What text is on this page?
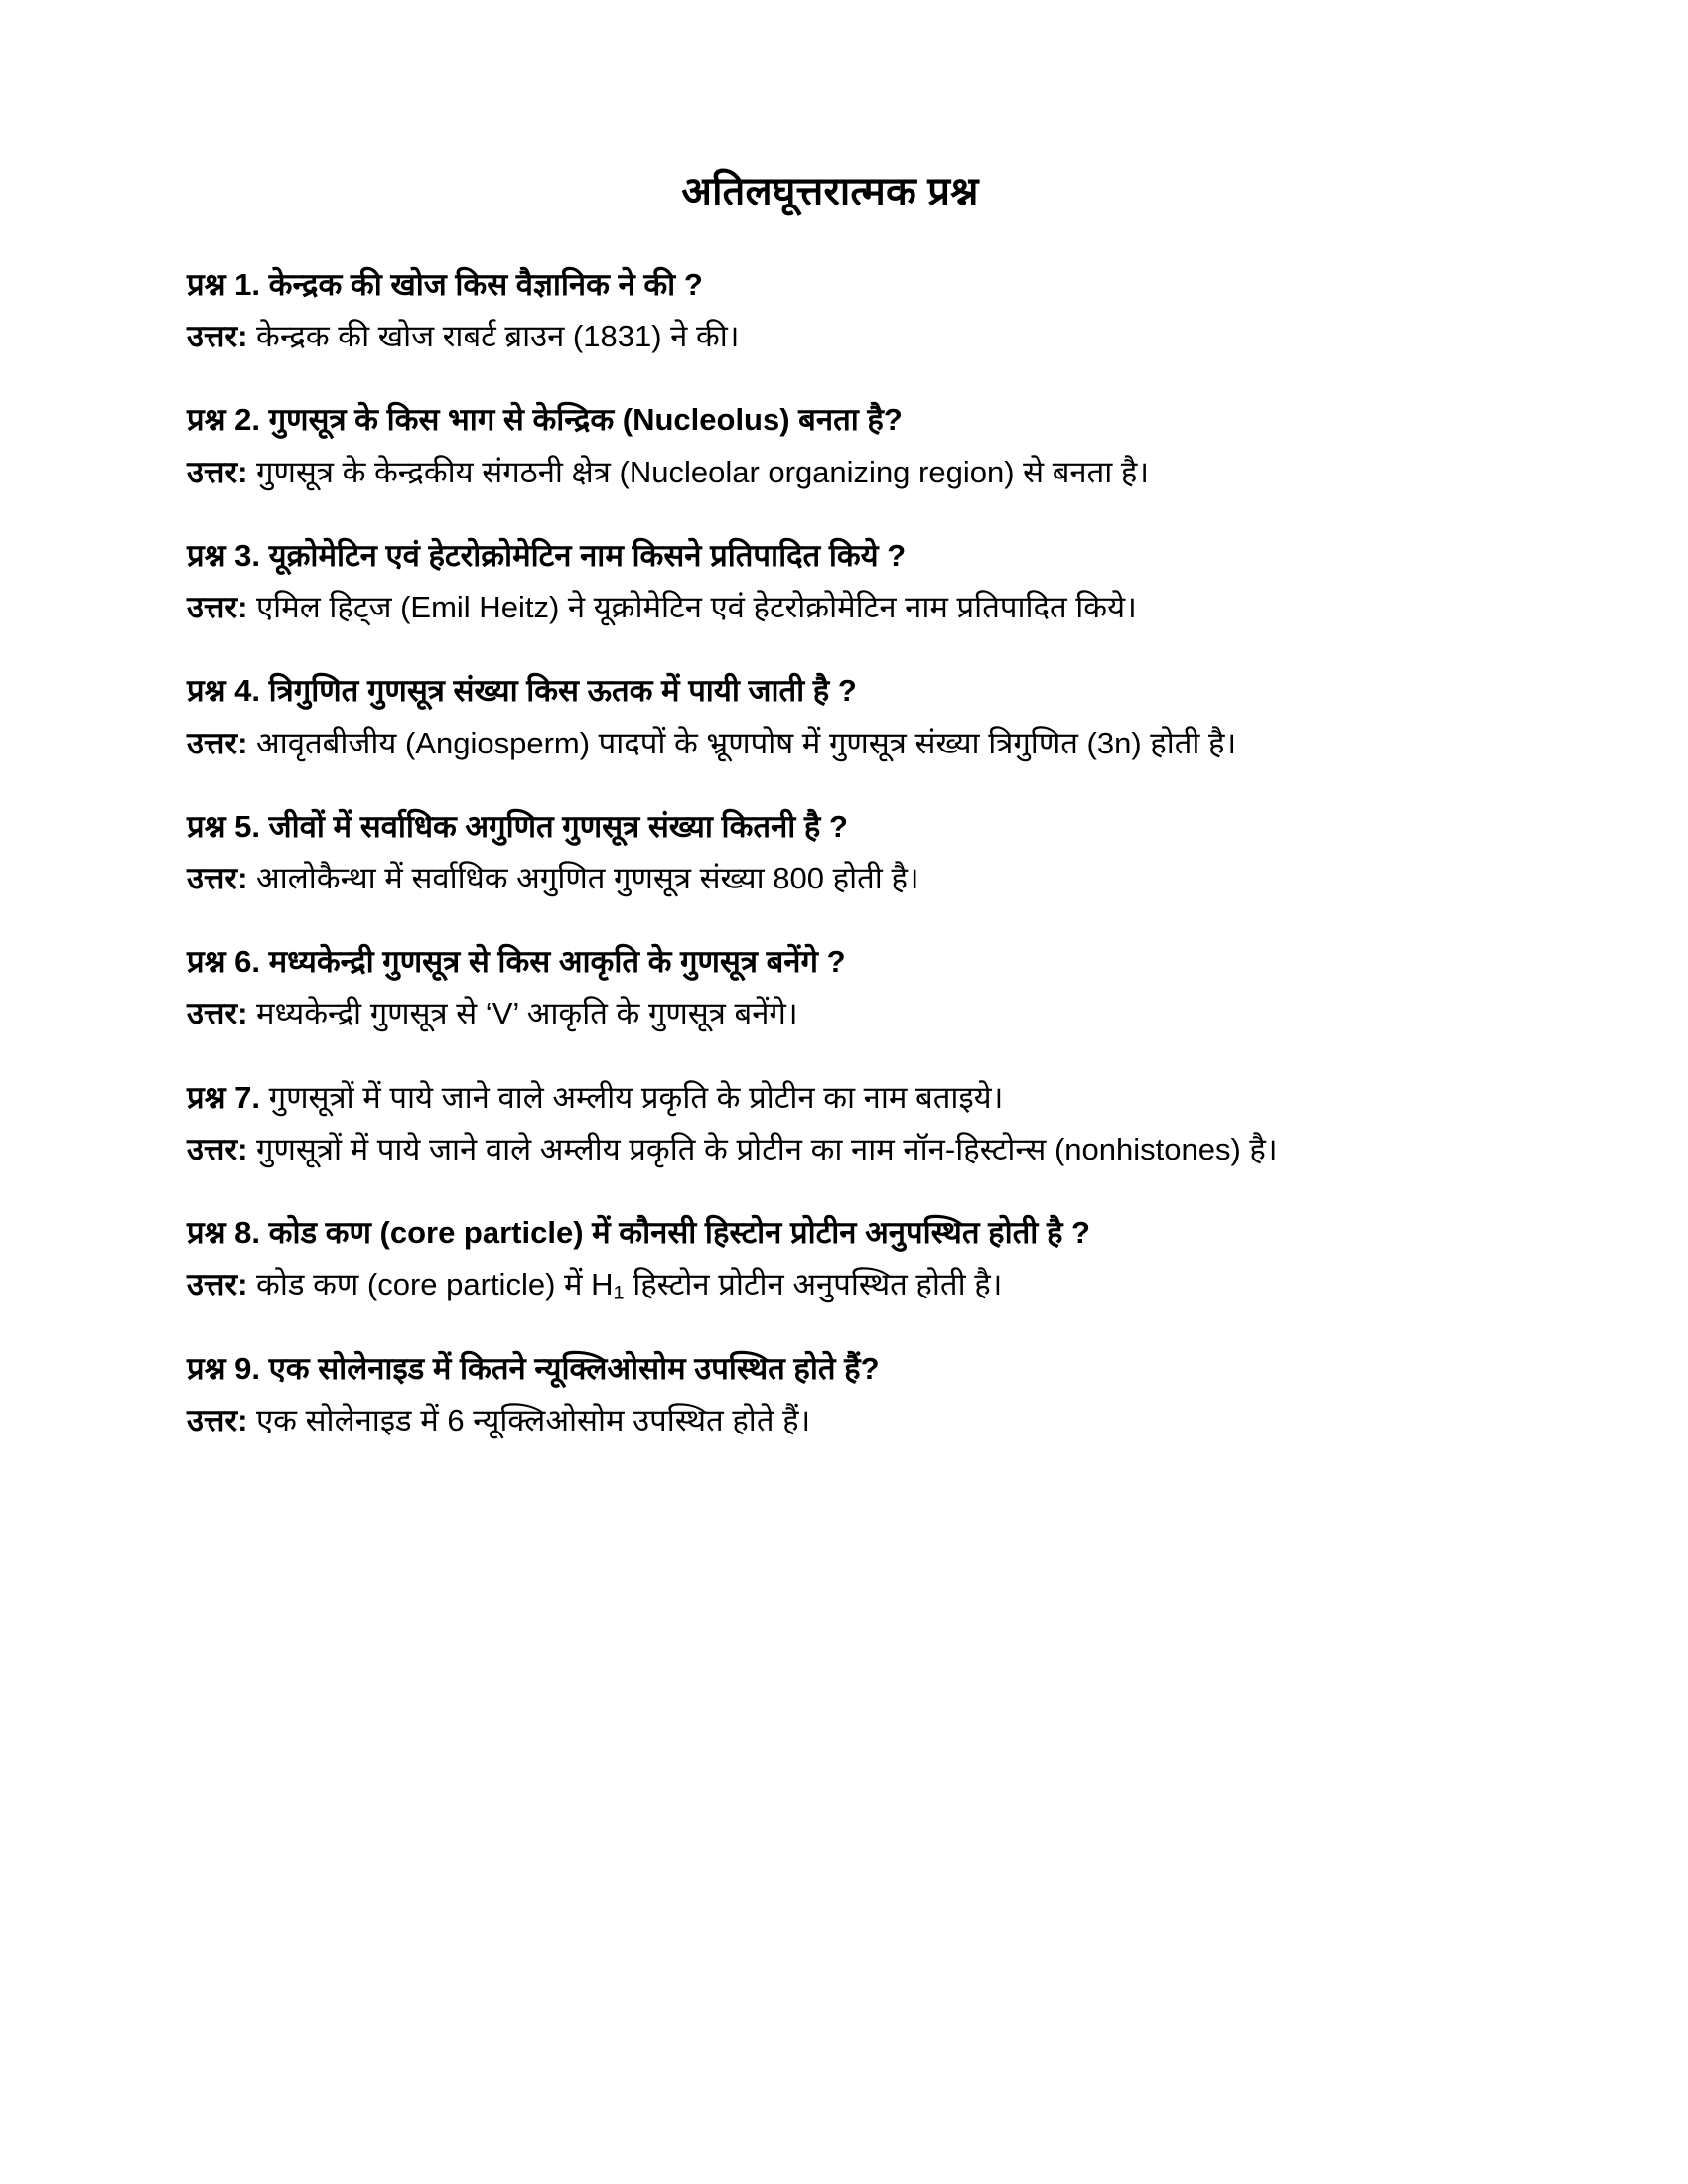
अतिलघूत्तरात्मक प्रश्न

प्रश्न 1. केन्द्रक की खोज किस वैज्ञानिक ने की ?

उत्तर: केन्द्रक की खोज राबर्ट ब्राउन (1831) ने की।

प्रश्न 2. गुणसूत्र के किस भाग से केन्द्रिक (Nucleolus) बनता है?

उत्तर: गुणसूत्र के केन्द्रकीय संगठनी क्षेत्र (Nucleolar organizing region) से बनता है।

प्रश्न 3. यूक्रोमेटिन एवं हेटरोक्रोमेटिन नाम किसने प्रतिपादित किये ?

उत्तर: एमिल हिट्ज (Emil Heitz) ने यूक्रोमेटिन एवं हेटरोक्रोमेटिन नाम प्रतिपादित किये।

प्रश्न 4. त्रिगुणित गुणसूत्र संख्या किस ऊतक में पायी जाती है ?

उत्तर: आवृतबीजीय (Angiosperm) पादपों के भ्रूणपोष में गुणसूत्र संख्या त्रिगुणित (3n) होती है।

प्रश्न 5. जीवों में सर्वाधिक अगुणित गुणसूत्र संख्या कितनी है ?

उत्तर: आलोकैन्था में सर्वाधिक अगुणित गुणसूत्र संख्या 800 होती है।

प्रश्न 6. मध्यकेन्द्री गुणसूत्र से किस आकृति के गुणसूत्र बनेंगे ?

उत्तर: मध्यकेन्द्री गुणसूत्र से ‘V’ आकृति के गुणसूत्र बनेंगे।

प्रश्न 7. गुणसूत्रों में पाये जाने वाले अम्लीय प्रकृति के प्रोटीन का नाम बताइये।

उत्तर: गुणसूत्रों में पाये जाने वाले अम्लीय प्रकृति के प्रोटीन का नाम नॉन-हिस्टोन्स (nonhistones) है।

प्रश्न 8. कोड कण (core particle) में कौनसी हिस्टोन प्रोटीन अनुपस्थित होती है ?

उत्तर: कोड कण (core particle) में $H_1$ हिस्टोन प्रोटीन अनुपस्थित होती है।

प्रश्न 9. एक सोलेनाइड में कितने न्यूक्लिओसोम उपस्थित होते हैं?

उत्तर: एक सोलेनाइड में 6 न्यूक्लिओसोम उपस्थित होते हैं।
